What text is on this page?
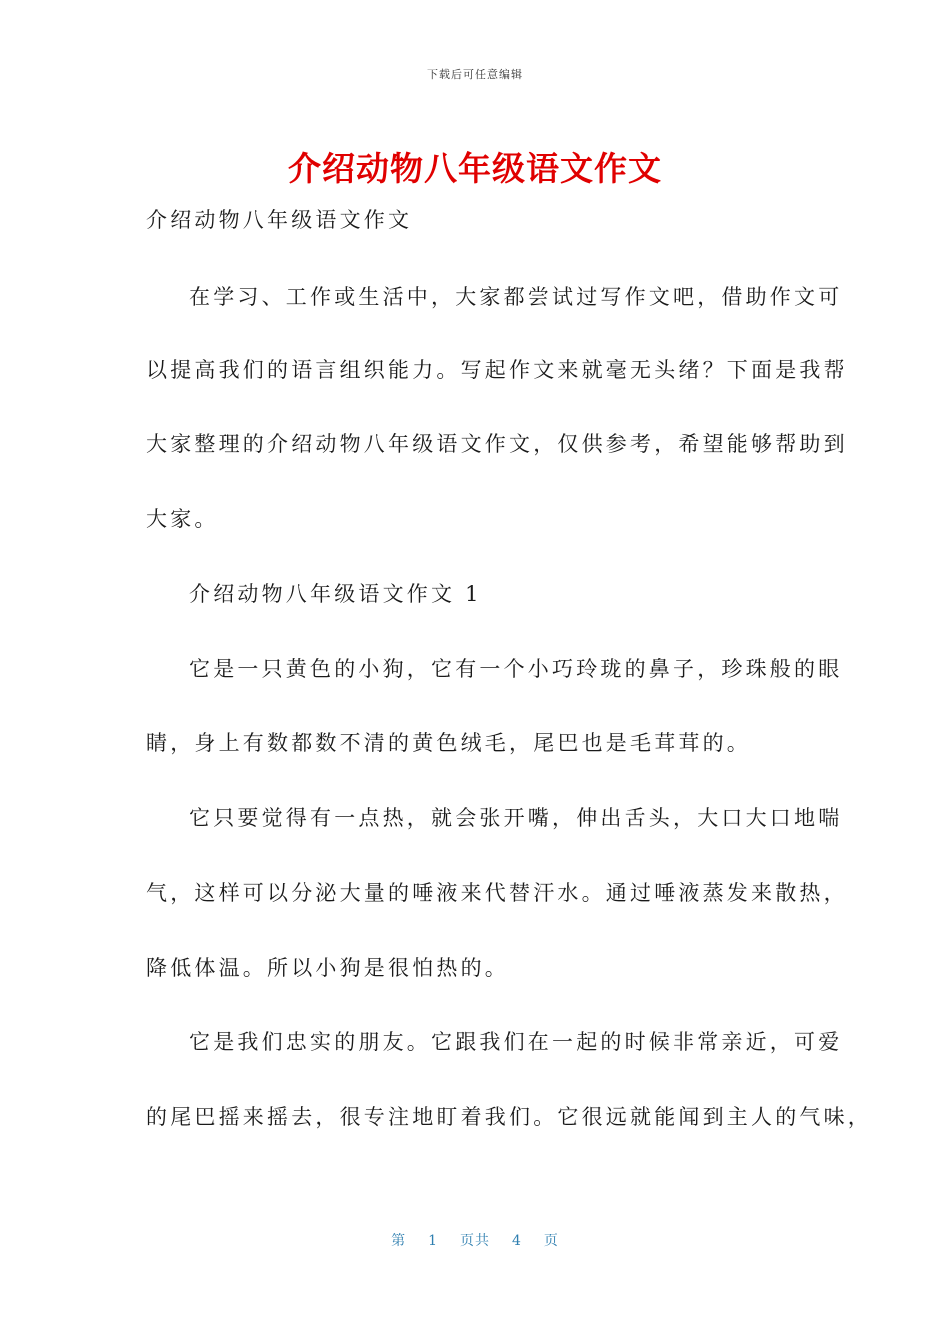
下载后可任意编辑
介绍动物八年级语文作文
介绍动物八年级语文作文
在学习、工作或生活中，大家都尝试过写作文吧，借助作文可
以提高我们的语言组织能力。写起作文来就毫无头绪？下面是我帮
大家整理的介绍动物八年级语文作文，仅供参考，希望能够帮助到
大家。
介绍动物八年级语文作文 1
它是一只黄色的小狗，它有一个小巧玲珑的鼻子，珍珠般的眼
睛，身上有数都数不清的黄色绒毛，尾巴也是毛茸茸的。
它只要觉得有一点热，就会张开嘴，伸出舌头，大口大口地喘
气，这样可以分泌大量的唾液来代替汗水。通过唾液蒸发来散热，
降低体温。所以小狗是很怕热的。
它是我们忠实的朋友。它跟我们在一起的时候非常亲近，可爱
的尾巴摇来摇去，很专注地盯着我们。它很远就能闻到主人的气味，
第 1 页共 4 页
